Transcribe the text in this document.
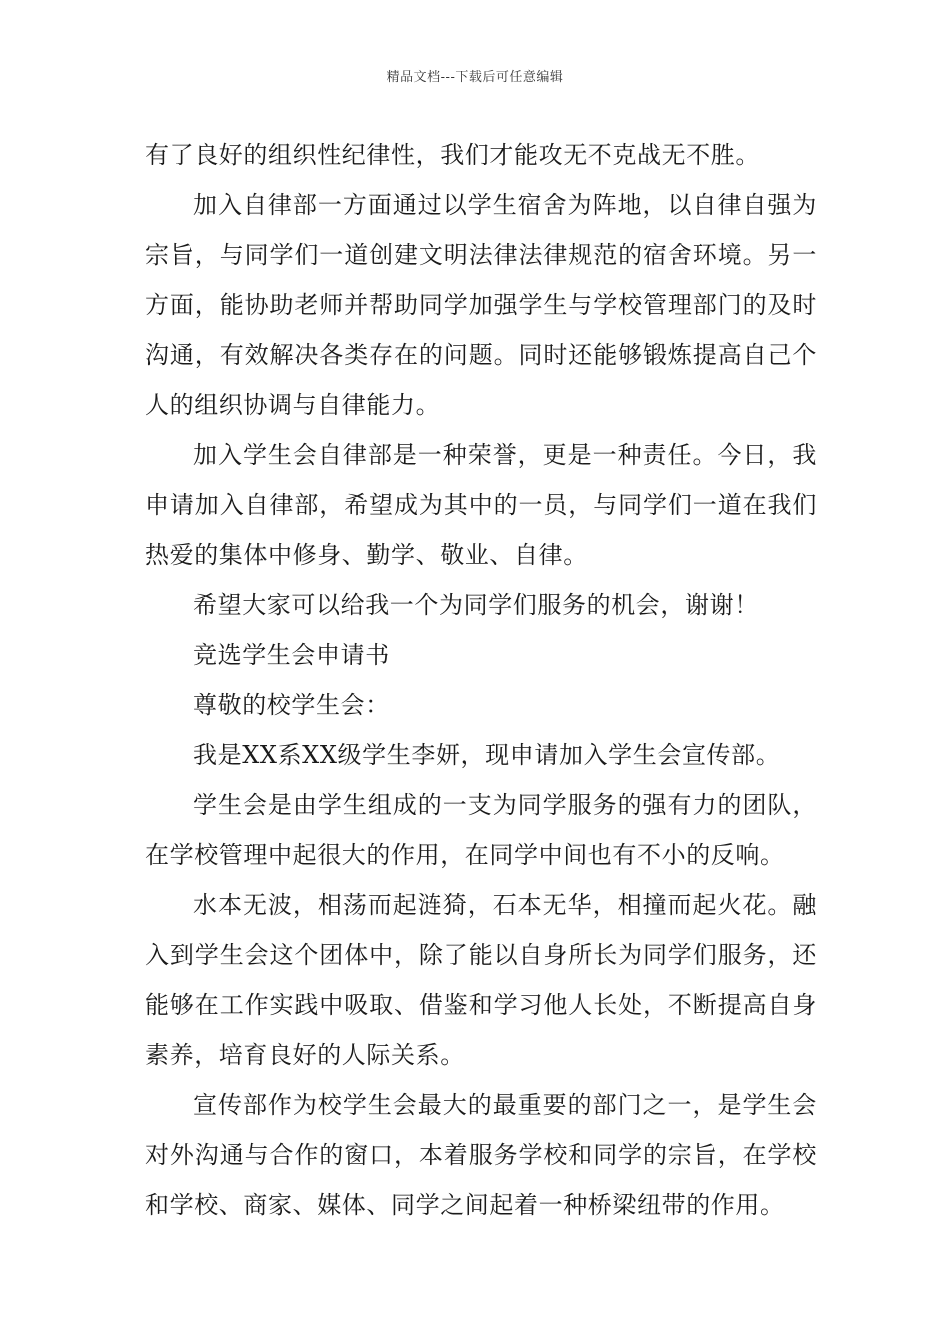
精品文档---下载后可任意编辑

有了良好的组织性纪律性，我们才能攻无不克战无不胜。

加入自律部一方面通过以学生宿舍为阵地，以自律自强为宗旨，与同学们一道创建文明法律法律规范的宿舍环境。另一方面，能协助老师并帮助同学加强学生与学校管理部门的及时沟通，有效解决各类存在的问题。同时还能够锻炼提高自己个人的组织协调与自律能力。

加入学生会自律部是一种荣誉，更是一种责任。今日，我申请加入自律部，希望成为其中的一员，与同学们一道在我们热爱的集体中修身、勤学、敬业、自律。

希望大家可以给我一个为同学们服务的机会，谢谢！

竞选学生会申请书

尊敬的校学生会：

我是XX系XX级学生李妍，现申请加入学生会宣传部。

学生会是由学生组成的一支为同学服务的强有力的团队，在学校管理中起很大的作用，在同学中间也有不小的反响。

水本无波，相荡而起涟猗，石本无华，相撞而起火花。融入到学生会这个团体中，除了能以自身所长为同学们服务，还能够在工作实践中吸取、借鉴和学习他人长处，不断提高自身素养，培育良好的人际关系。

宣传部作为校学生会最大的最重要的部门之一，是学生会对外沟通与合作的窗口，本着服务学校和同学的宗旨，在学校和学校、商家、媒体、同学之间起着一种桥梁纽带的作用。
